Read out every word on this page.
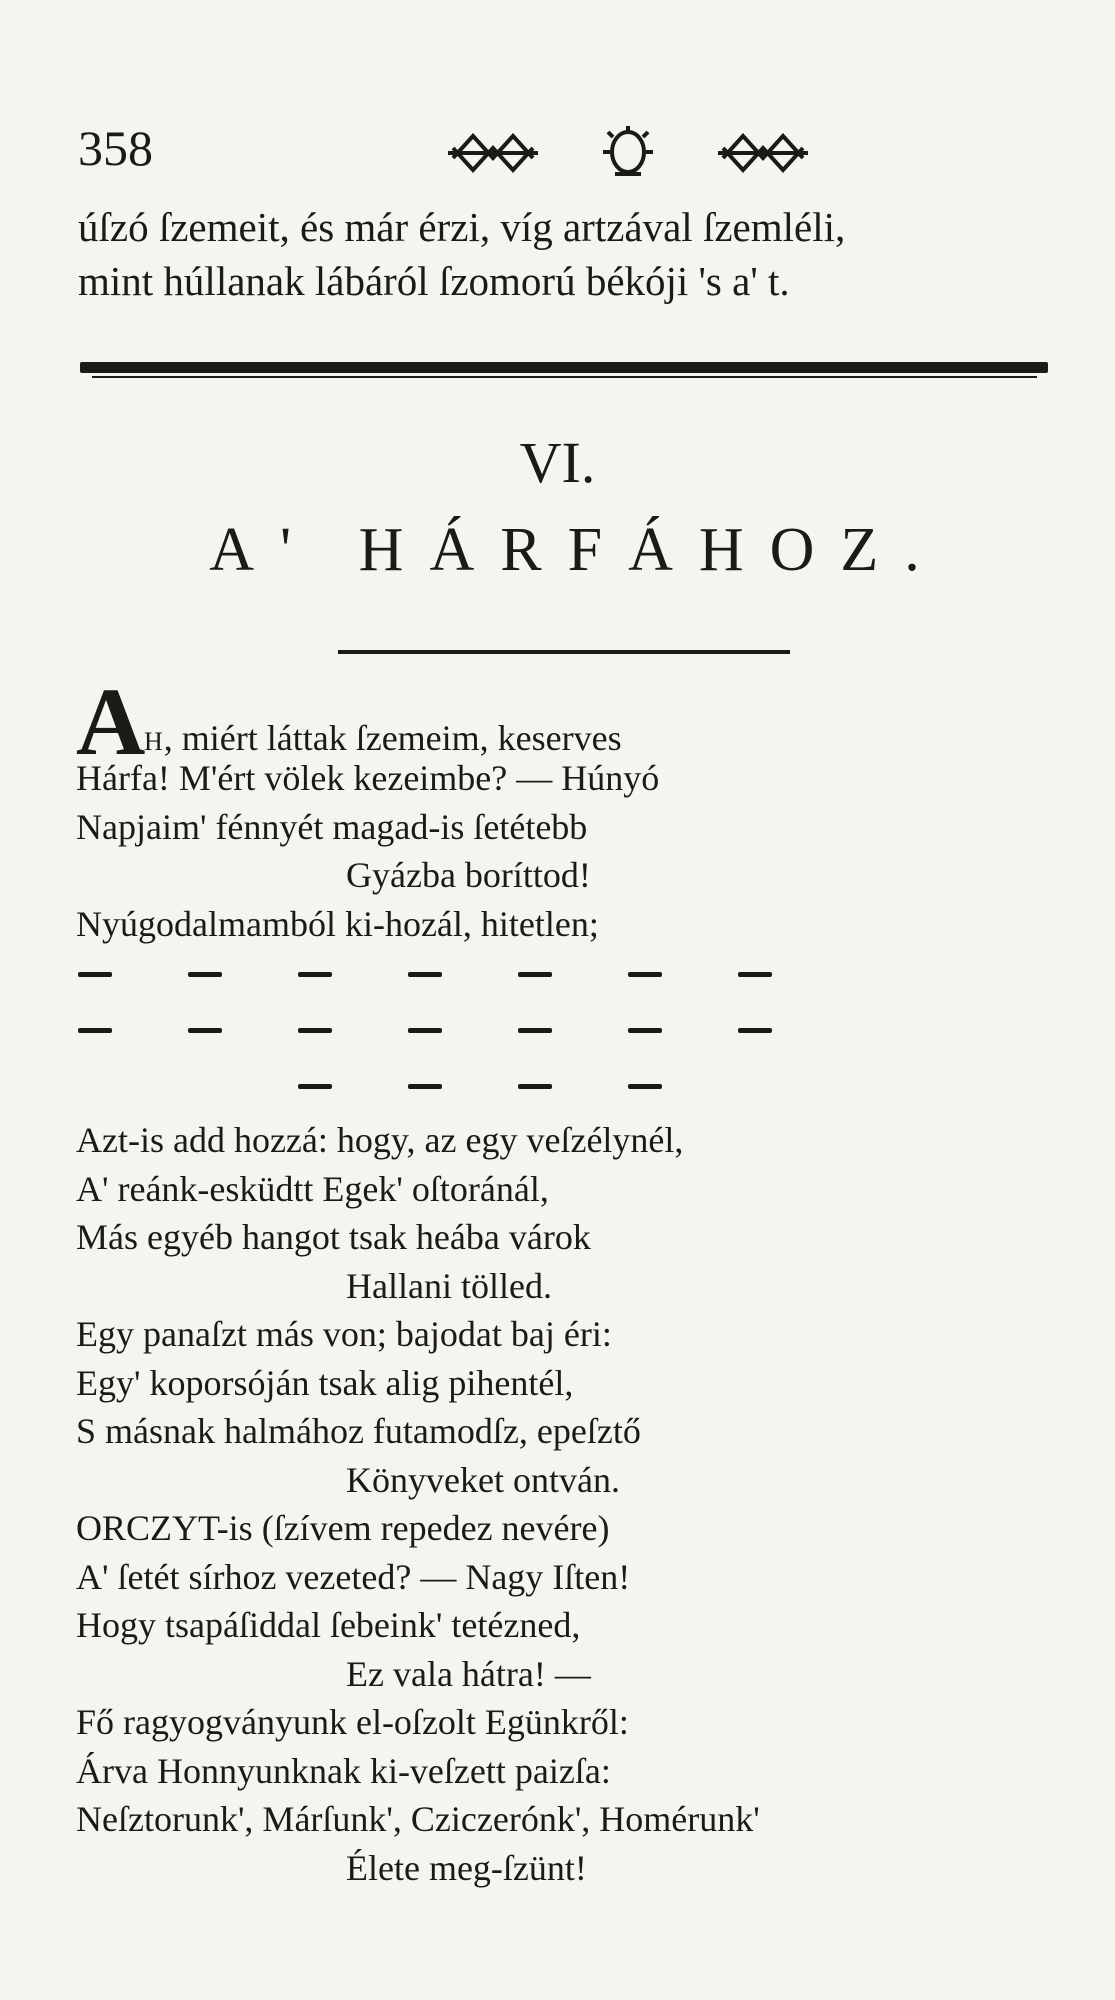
358
úſzó ſzemeit, és már érzi, víg artzával ſzemléli,
mint húllanak lábáról ſzomorú békóji 's a' t.
VI.
A' HÁRFÁHOZ.
A
H, miért láttak ſzemeim, keserves
Hárfa! M'ért völek kezeimbe? — Húnyó
Napjaim' fénnyét magad-is ſetétebb
Gyázba boríttod!
Nyúgodalmamból ki-hozál, hitetlen;
Azt-is add hozzá: hogy, az egy veſzélynél,
A' reánk-esküdtt Egek' oſtoránál,
Más egyéb hangot tsak heába várok
Hallani tölled.
Egy panaſzt más von; bajodat baj éri:
Egy' koporsóján tsak alig pihentél,
S másnak halmához futamodſz, epeſztő
Könyveket ontván.
ORCZYT-is (ſzívem repedez nevére)
A' ſetét sírhoz vezeted? — Nagy Iſten!
Hogy tsapáſiddal ſebeink' tetézned,
Ez vala hátra! —
Fő ragyogványunk el-oſzolt Egünkről:
Árva Honnyunknak ki-veſzett paizſa:
Neſztorunk', Márſunk', Cziczerónk', Homérunk'
Élete meg-ſzünt!
